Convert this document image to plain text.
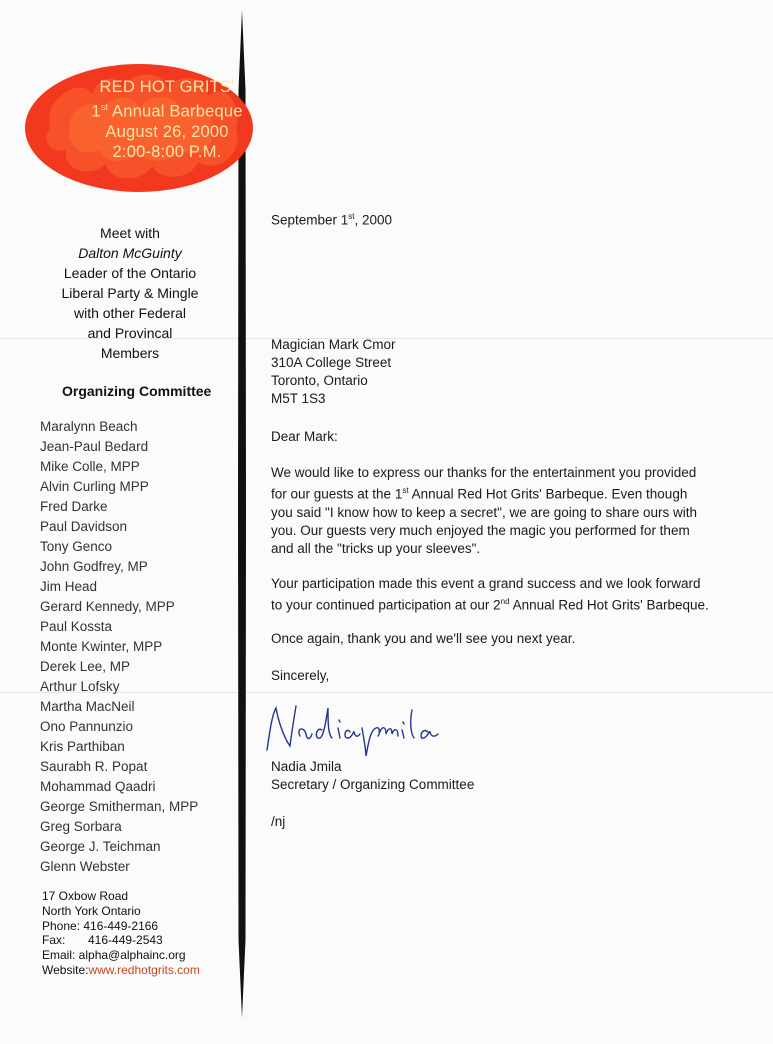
RED HOT GRITS'
1st Annual Barbeque
August 26, 2000
2:00-8:00 P.M.
Meet with
Dalton McGuinty
Leader of the Ontario
Liberal Party & Mingle
with other Federal
and Provincal
Members
Organizing Committee
Maralynn Beach
Jean-Paul Bedard
Mike Colle, MPP
Alvin Curling MPP
Fred Darke
Paul Davidson
Tony Genco
John Godfrey, MP
Jim Head
Gerard Kennedy, MPP
Paul Kossta
Monte Kwinter, MPP
Derek Lee, MP
Arthur Lofsky
Martha MacNeil
Ono Pannunzio
Kris Parthiban
Saurabh R. Popat
Mohammad Qaadri
George Smitherman, MPP
Greg Sorbara
George J. Teichman
Glenn Webster
17 Oxbow Road
North York Ontario
Phone: 416-449-2166
Fax: 416-449-2543
Email: alpha@alphainc.org
Website:www.redhotgrits.com
September 1st, 2000
Magician Mark Cmor
310A College Street
Toronto, Ontario
M5T 1S3
Dear Mark:
We would like to express our thanks for the entertainment you provided
for our guests at the 1st Annual Red Hot Grits' Barbeque. Even though
you said "I know how to keep a secret", we are going to share ours with
you. Our guests very much enjoyed the magic you performed for them
and all the "tricks up your sleeves".
Your participation made this event a grand success and we look forward
to your continued participation at our 2nd Annual Red Hot Grits' Barbeque.
Once again, thank you and we'll see you next year.
Sincerely,
Nadia Jmila
Secretary / Organizing Committee
/nj
